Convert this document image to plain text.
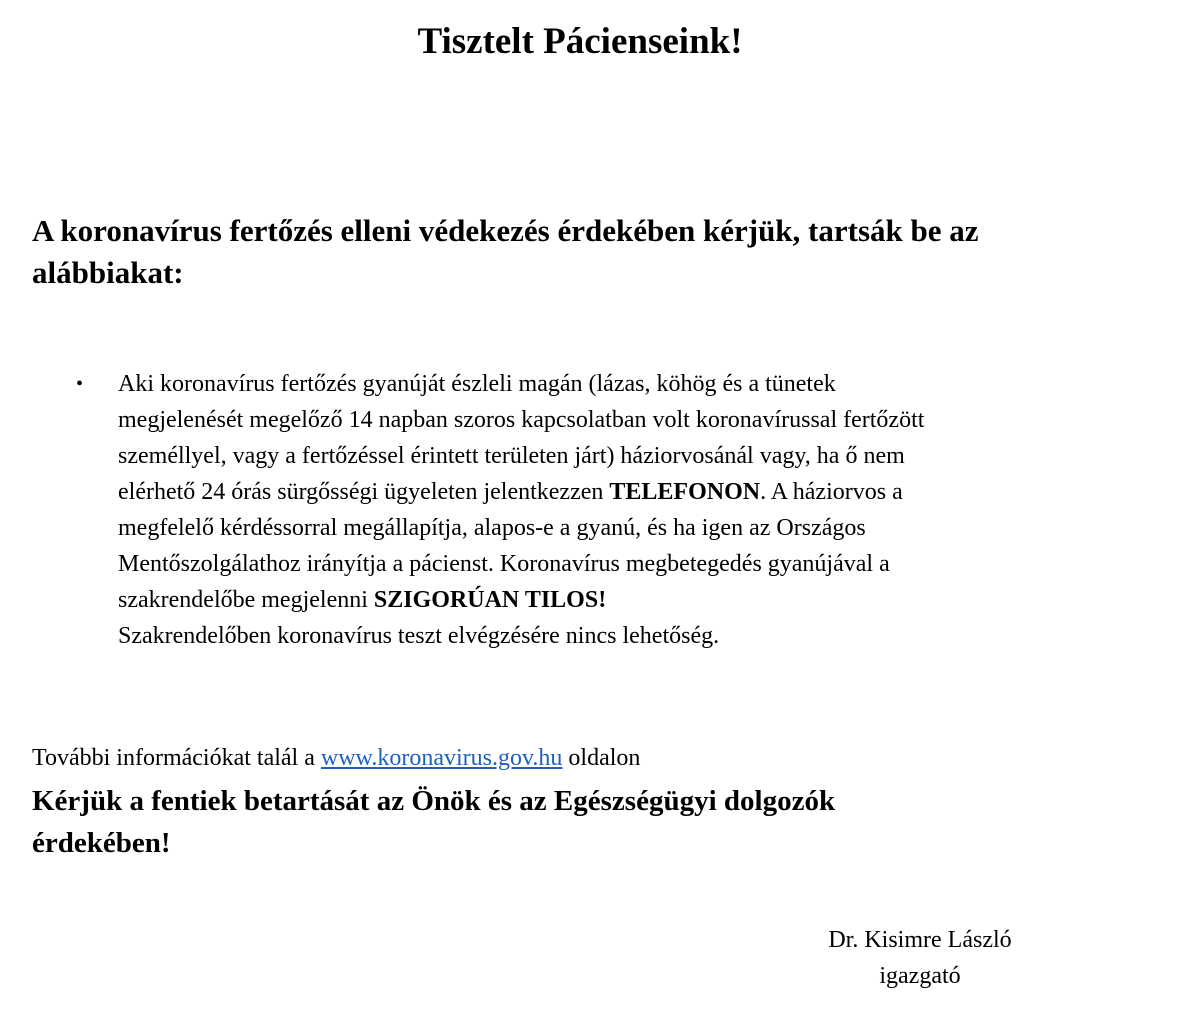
Tisztelt Pácienseink!
A koronavírus fertőzés elleni védekezés érdekében kérjük, tartsák be az
alábbiakat:
• Aki koronavírus fertőzés gyanúját észleli magán (lázas, köhög és a tünetek
megjelenését megelőző 14 napban szoros kapcsolatban volt koronavírussal fertőzött
személlyel, vagy a fertőzéssel érintett területen járt) háziorvosánál vagy, ha ő nem
elérhető 24 órás sürgősségi ügyeleten jelentkezzen TELEFONON. A háziorvos a
megfelelő kérdéssorral megállapítja, alapos-e a gyanú, és ha igen az Országos
Mentőszolgálathoz irányítja a pácienst. Koronavírus megbetegedés gyanújával a
szakrendelőbe megjelenni SZIGORÚAN TILOS!
Szakrendelőben koronavírus teszt elvégzésére nincs lehetőség.

További információkat talál a www.koronavirus.gov.hu oldalon

Kérjük a fentiek betartását az Önök és az Egészségügyi dolgozók
érdekében!

Dr. Kisimre László
igazgató
